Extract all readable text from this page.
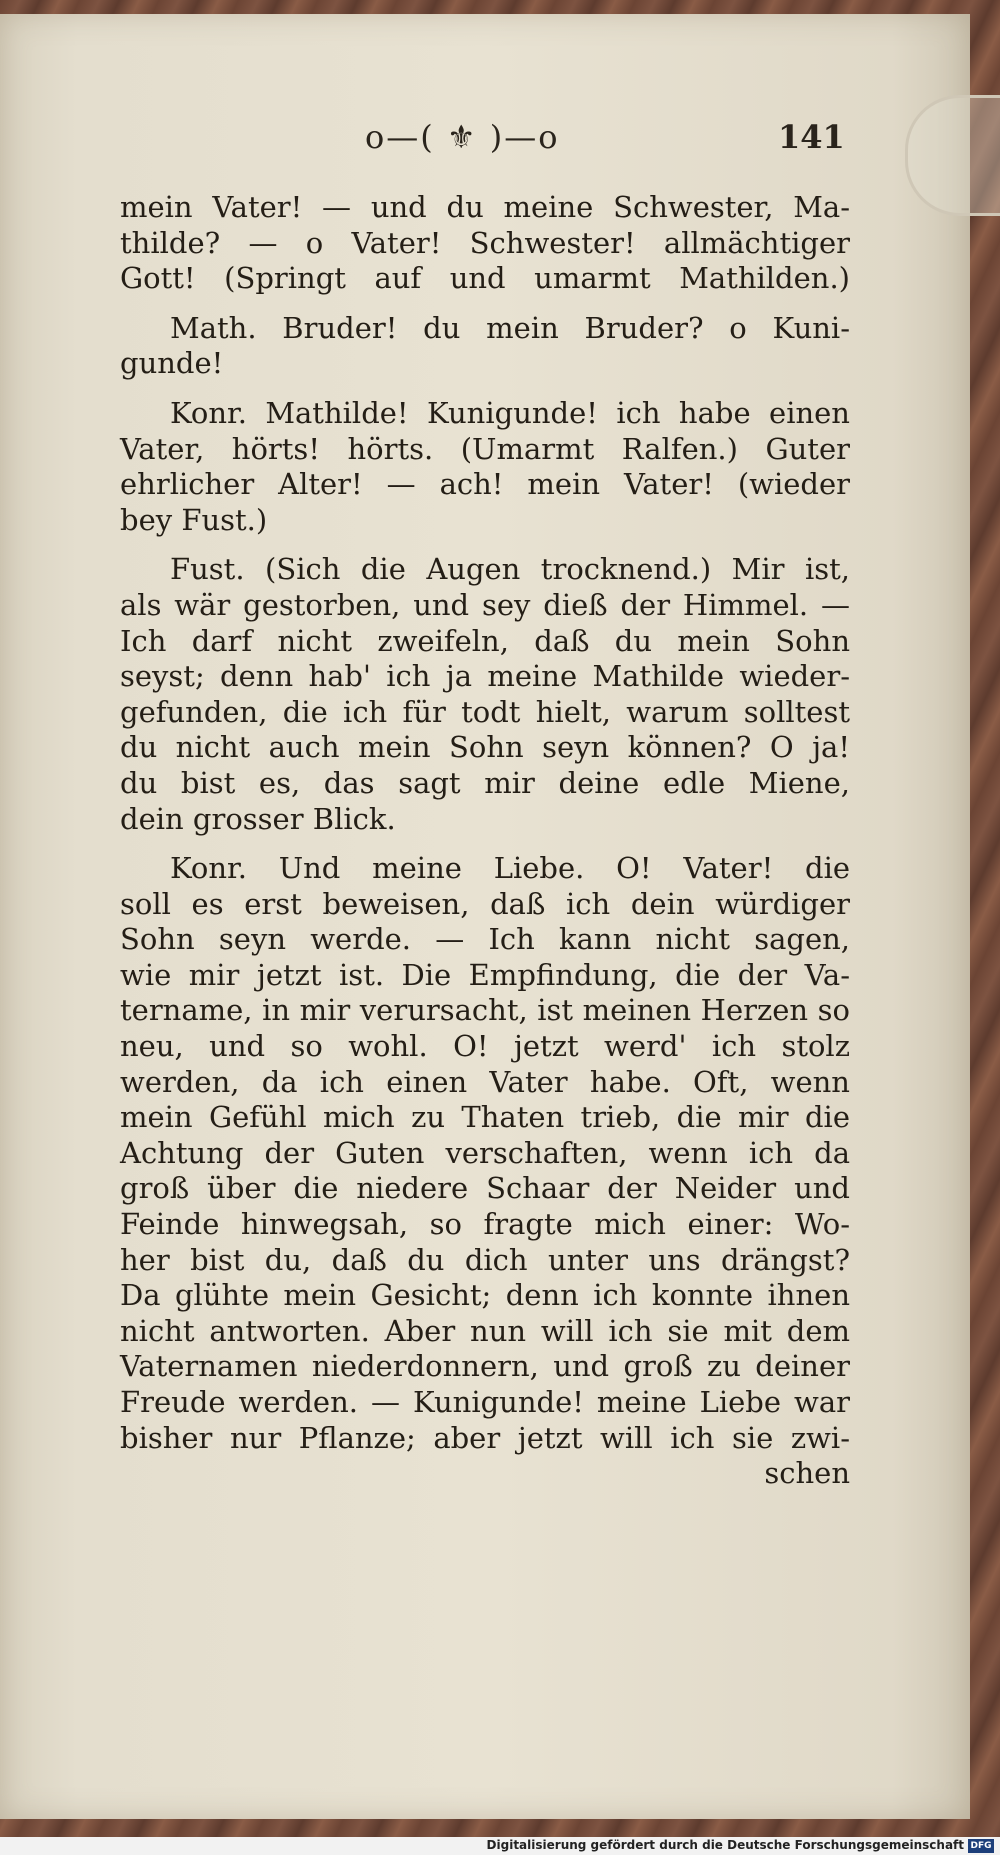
o—( ⚜ )—o	141
mein Vater! — und du meine Schwester, Ma-
thilde? — o Vater! Schwester! allmächtiger
Gott! (Springt auf und umarmt Mathilden.)
Math. Bruder! du mein Bruder? o Kuni-
gunde!
Konr. Mathilde! Kunigunde! ich habe einen
Vater, hörts! hörts. (Umarmt Ralfen.) Guter
ehrlicher Alter! — ach! mein Vater! (wieder
bey Fust.)
Fust. (Sich die Augen trocknend.) Mir ist,
als wär gestorben, und sey dieß der Himmel. —
Ich darf nicht zweifeln, daß du mein Sohn
seyst; denn hab' ich ja meine Mathilde wieder-
gefunden, die ich für todt hielt, warum solltest
du nicht auch mein Sohn seyn können? O ja!
du bist es, das sagt mir deine edle Miene,
dein grosser Blick.
Konr. Und meine Liebe. O! Vater! die
soll es erst beweisen, daß ich dein würdiger
Sohn seyn werde. — Ich kann nicht sagen,
wie mir jetzt ist. Die Empfindung, die der Va-
tername, in mir verursacht, ist meinen Herzen so
neu, und so wohl. O! jetzt werd' ich stolz
werden, da ich einen Vater habe. Oft, wenn
mein Gefühl mich zu Thaten trieb, die mir die
Achtung der Guten verschaften, wenn ich da
groß über die niedere Schaar der Neider und
Feinde hinwegsah, so fragte mich einer: Wo-
her bist du, daß du dich unter uns drängst?
Da glühte mein Gesicht; denn ich konnte ihnen
nicht antworten. Aber nun will ich sie mit dem
Vaternamen niederdonnern, und groß zu deiner
Freude werden. — Kunigunde! meine Liebe war
bisher nur Pflanze; aber jetzt will ich sie zwi-
schen
Digitalisierung gefördert durch die Deutsche Forschungsgemeinschaft DFG
